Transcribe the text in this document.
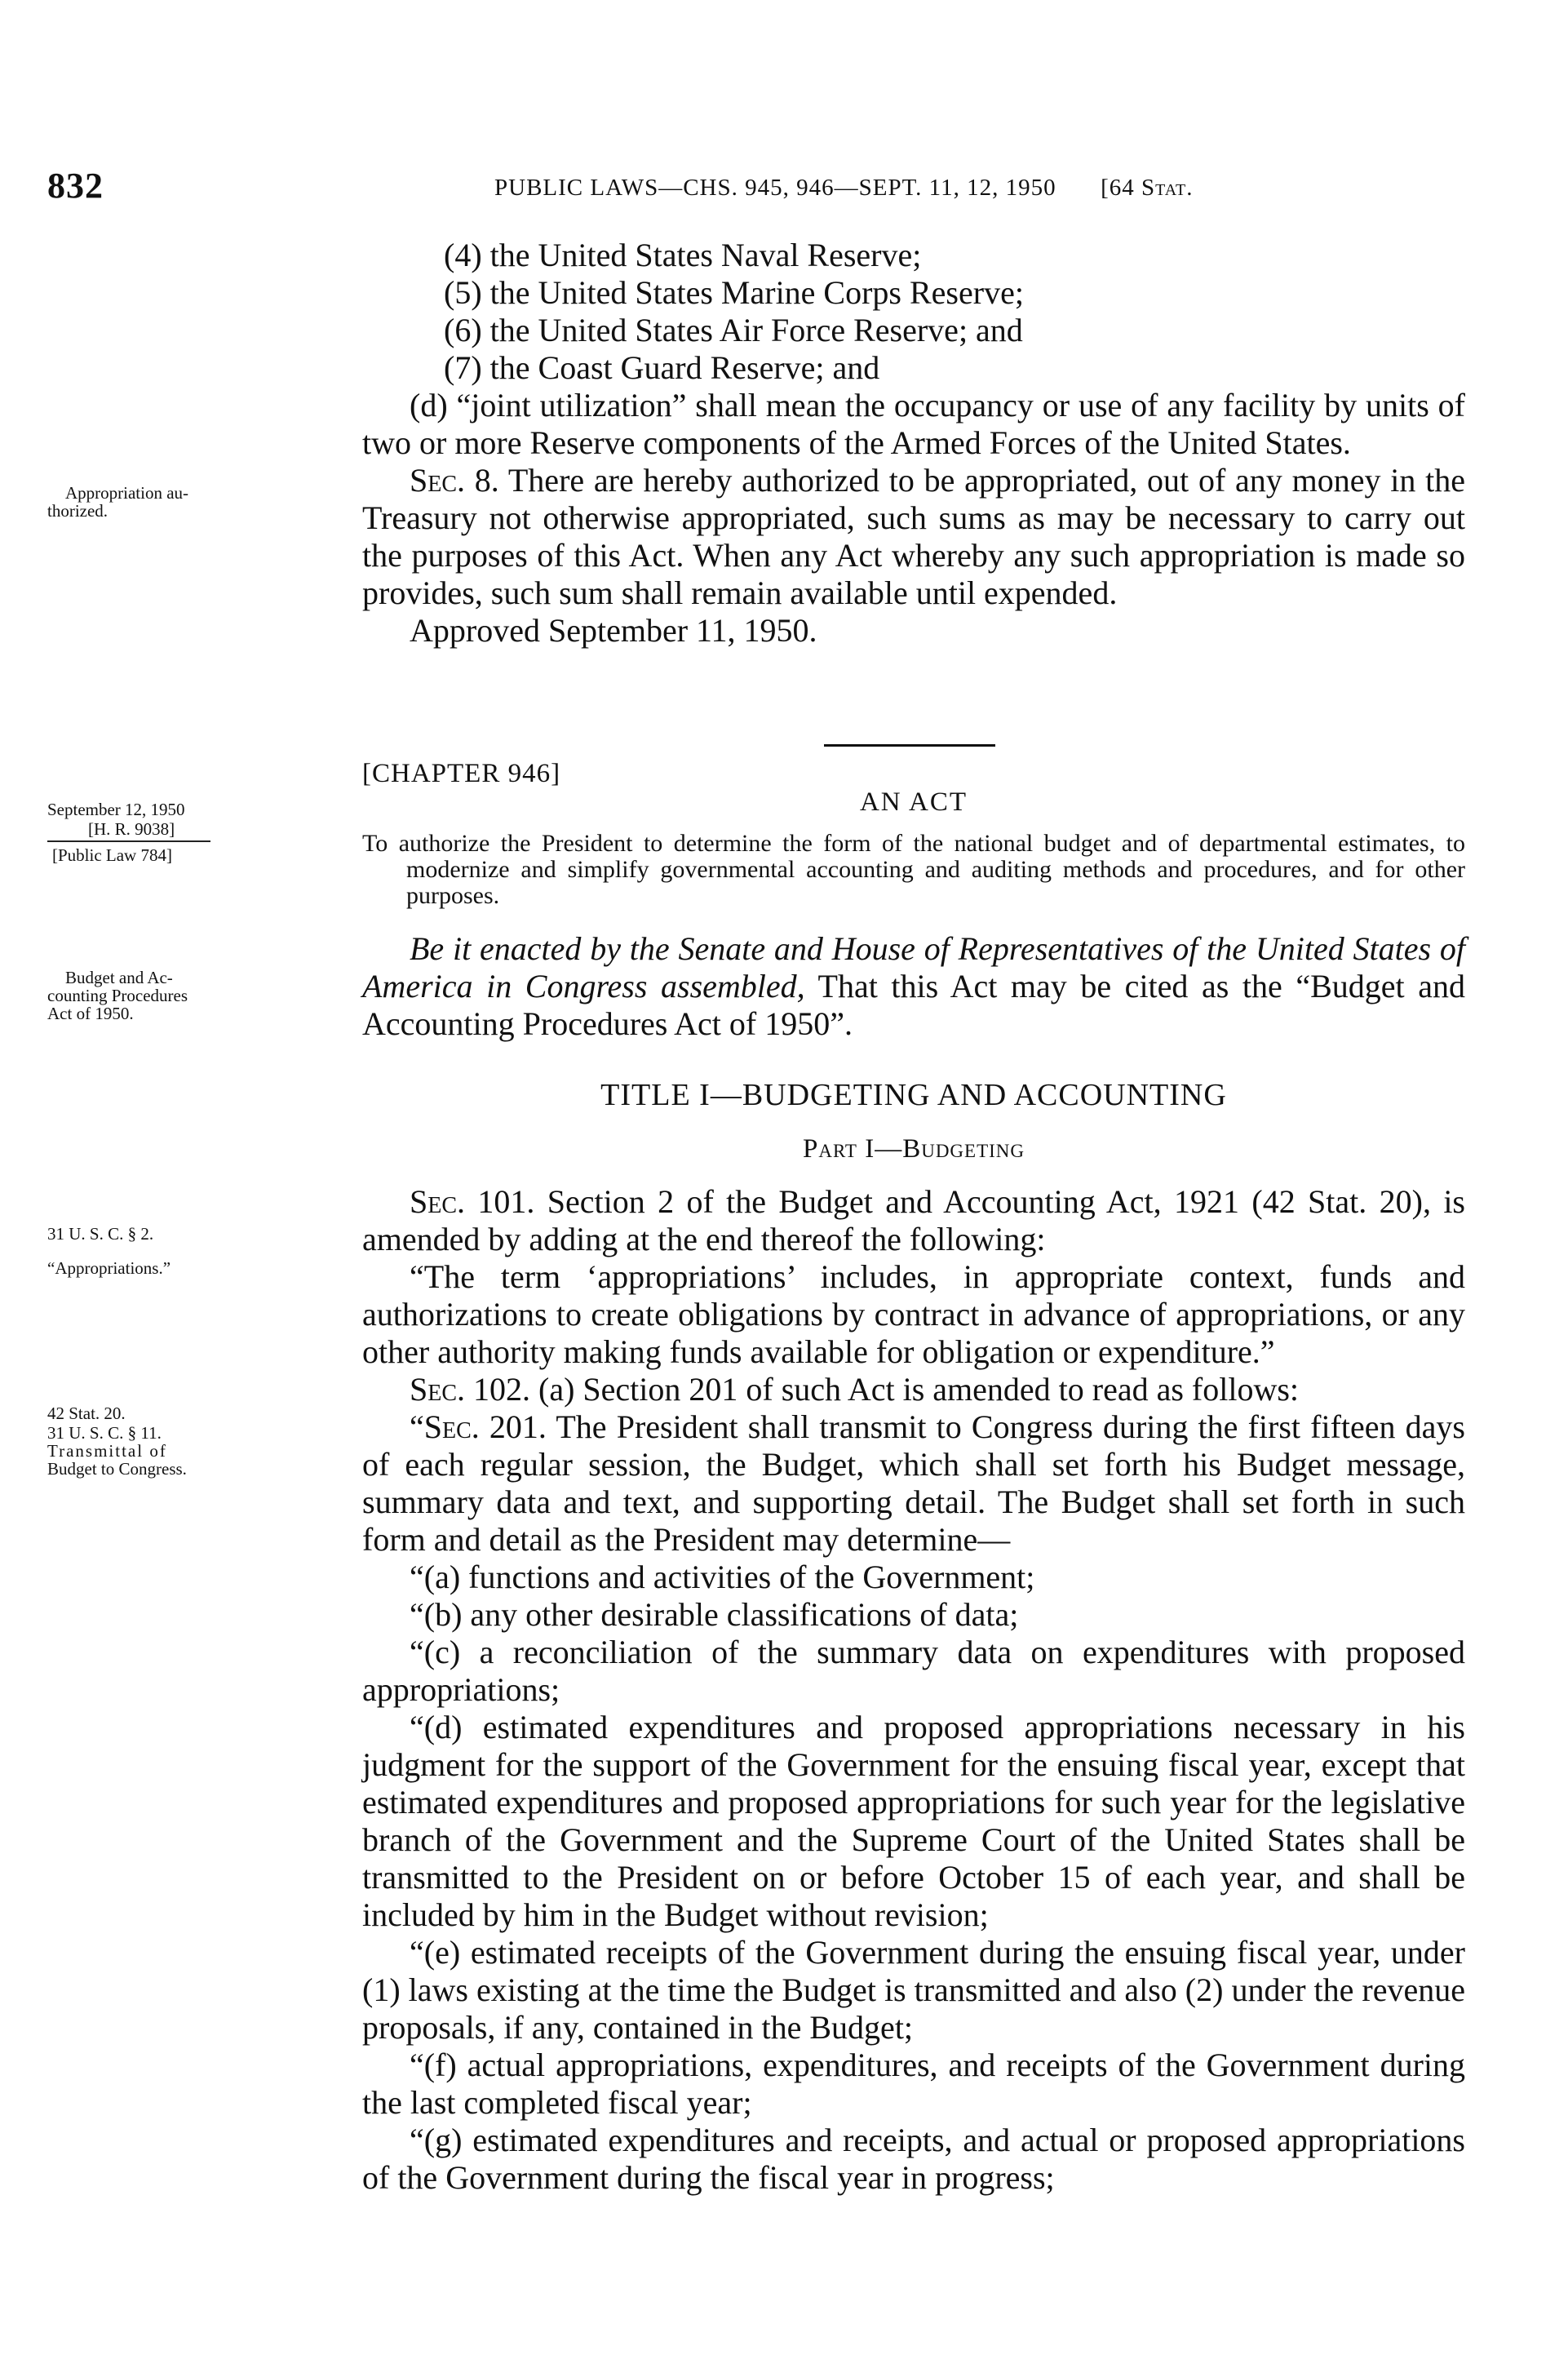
832	PUBLIC LAWS—CHS. 945, 946—SEPT. 11, 12, 1950 [64 Stat.
Appropriation au-
thorized.
September 12, 1950
[H. R. 9038]
[Public Law 784]
Budget and Ac-
counting Procedures
Act of 1950.
31 U. S. C. § 2.
“Appropriations.”
42 Stat. 20.
31 U. S. C. § 11.
Transmittal of
Budget to Congress.

(4) the United States Naval Reserve;

(5) the United States Marine Corps Reserve;

(6) the United States Air Force Reserve; and

(7) the Coast Guard Reserve; and

(d) “joint utilization” shall mean the occupancy or use of any facility by units of two or more Reserve components of the Armed Forces of the United States.

Sec. 8. There are hereby authorized to be appropriated, out of any money in the Treasury not otherwise appropriated, such sums as may be necessary to carry out the purposes of this Act. When any Act whereby any such appropriation is made so provides, such sum shall remain available until expended.

Approved September 11, 1950.

[CHAPTER 946]
AN ACT

To authorize the President to determine the form of the national budget and of departmental estimates, to modernize and simplify governmental accounting and auditing methods and procedures, and for other purposes.

Be it enacted by the Senate and House of Representatives of the United States of America in Congress assembled, That this Act may be cited as the “Budget and Accounting Procedures Act of 1950”.

TITLE I—BUDGETING AND ACCOUNTING
Part I—Budgeting

Sec. 101. Section 2 of the Budget and Accounting Act, 1921 (42 Stat. 20), is amended by adding at the end thereof the following:

“The term ‘appropriations’ includes, in appropriate context, funds and authorizations to create obligations by contract in advance of appropriations, or any other authority making funds available for obligation or expenditure.”

Sec. 102. (a) Section 201 of such Act is amended to read as follows:

“Sec. 201. The President shall transmit to Congress during the first fifteen days of each regular session, the Budget, which shall set forth his Budget message, summary data and text, and supporting detail. The Budget shall set forth in such form and detail as the President may determine—

“(a) functions and activities of the Government;

“(b) any other desirable classifications of data;

“(c) a reconciliation of the summary data on expenditures with proposed appropriations;

“(d) estimated expenditures and proposed appropriations necessary in his judgment for the support of the Government for the ensuing fiscal year, except that estimated expenditures and proposed appropriations for such year for the legislative branch of the Government and the Supreme Court of the United States shall be transmitted to the President on or before October 15 of each year, and shall be included by him in the Budget without revision;

“(e) estimated receipts of the Government during the ensuing fiscal year, under (1) laws existing at the time the Budget is transmitted and also (2) under the revenue proposals, if any, contained in the Budget;

“(f) actual appropriations, expenditures, and receipts of the Government during the last completed fiscal year;

“(g) estimated expenditures and receipts, and actual or proposed appropriations of the Government during the fiscal year in progress;
